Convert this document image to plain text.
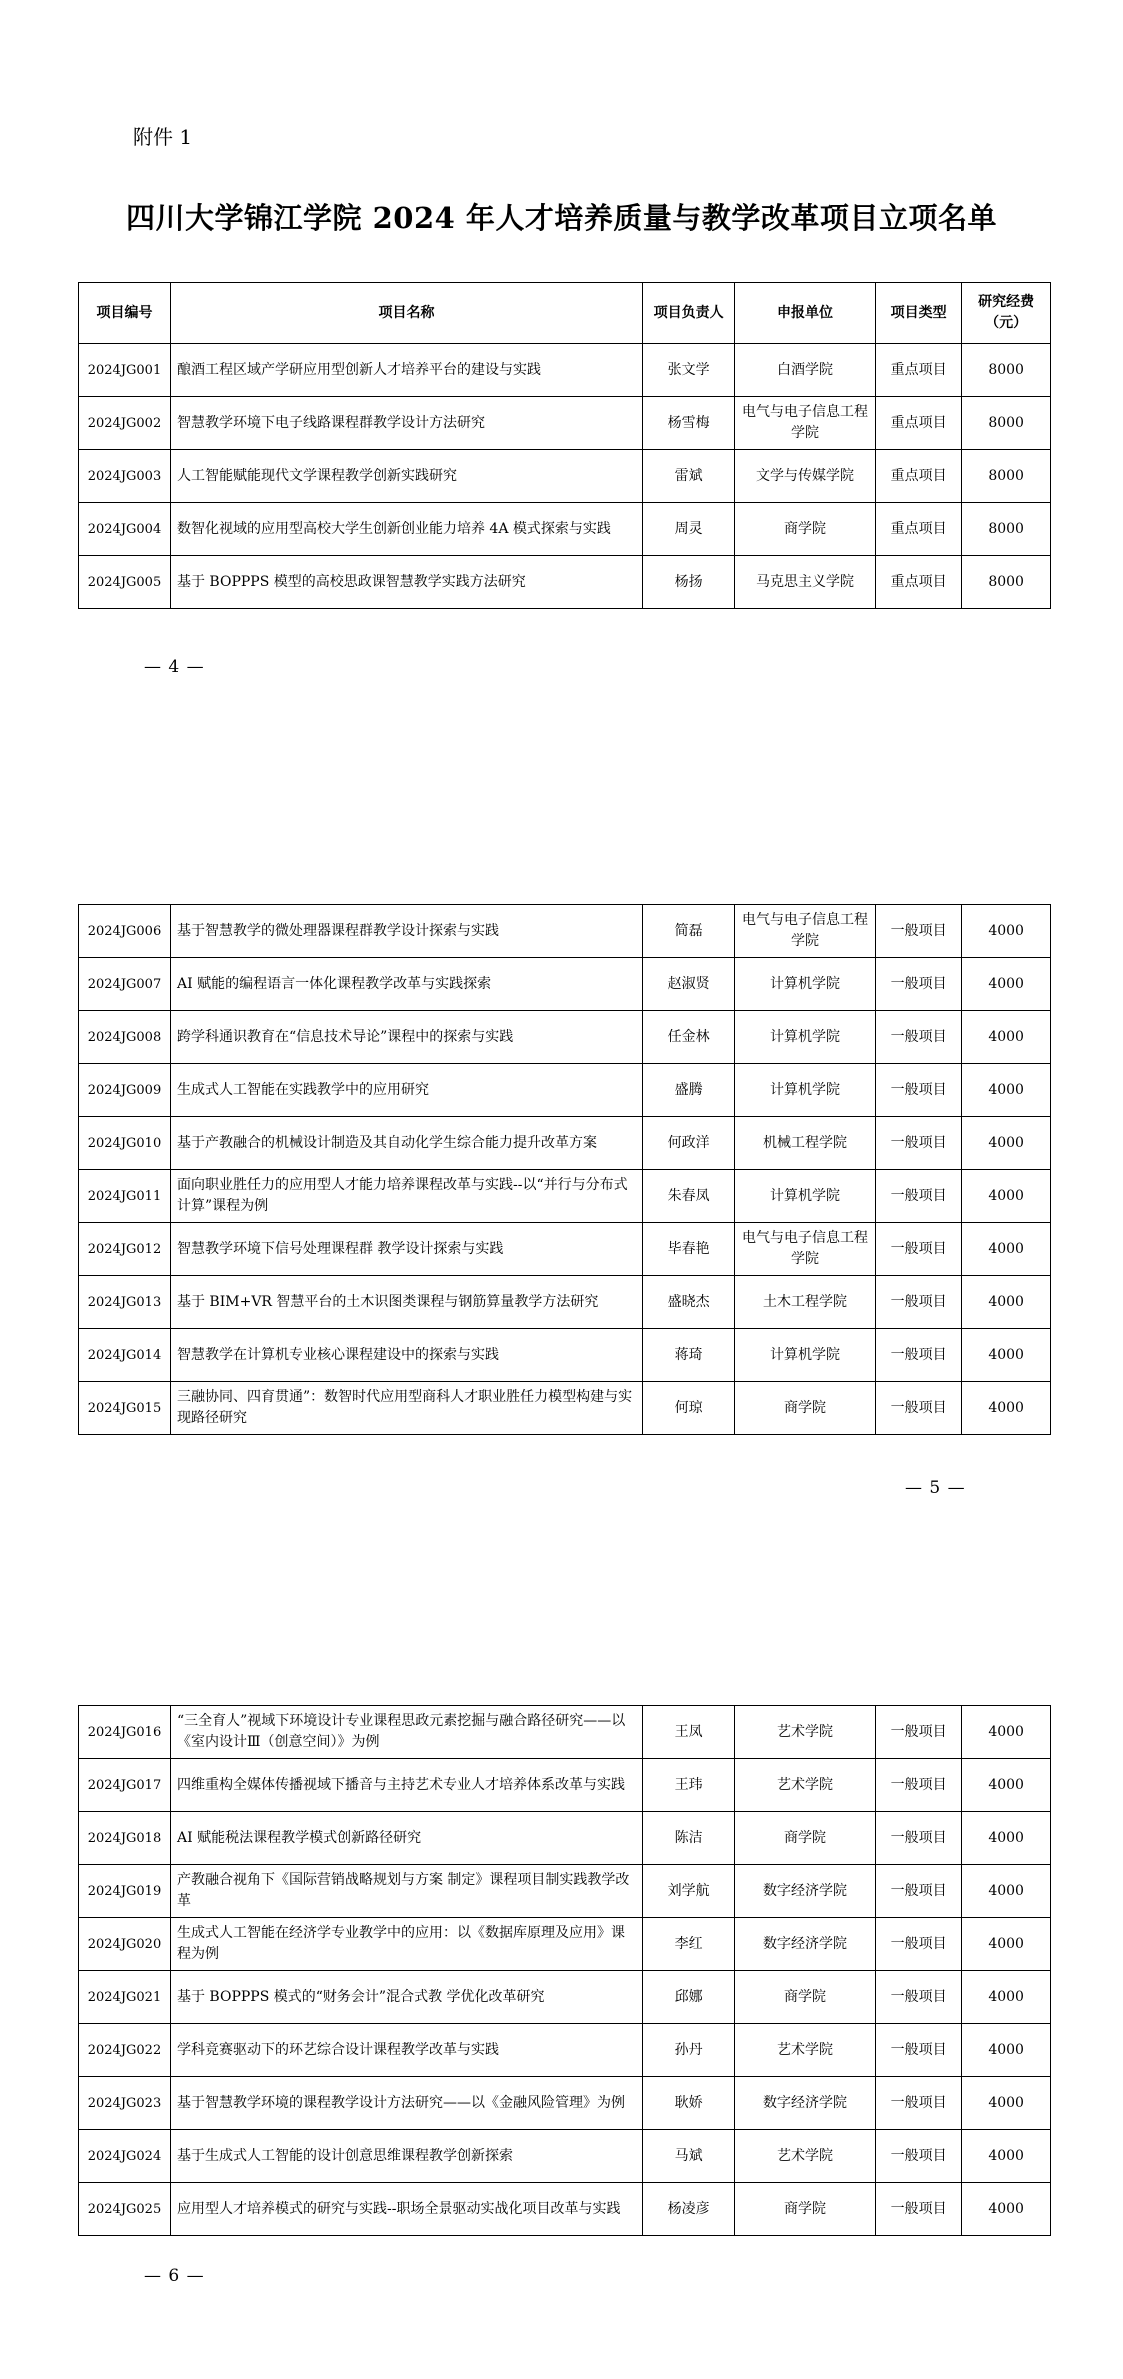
附件 1
四川大学锦江学院 2024 年人才培养质量与教学改革项目立项名单
项目编号	项目名称	项目负责人	申报单位	项目类型	研究经费（元）
2024JG001	酿酒工程区域产学研应用型创新人才培养平台的建设与实践	张文学	白酒学院	重点项目	8000
2024JG002	智慧教学环境下电子线路课程群教学设计方法研究	杨雪梅	电气与电子信息工程学院	重点项目	8000
2024JG003	人工智能赋能现代文学课程教学创新实践研究	雷斌	文学与传媒学院	重点项目	8000
2024JG004	数智化视域的应用型高校大学生创新创业能力培养 4A 模式探索与实践	周灵	商学院	重点项目	8000
2024JG005	基于 BOPPPS 模型的高校思政课智慧教学实践方法研究	杨扬	马克思主义学院	重点项目	8000
— 4 —
2024JG006	基于智慧教学的微处理器课程群教学设计探索与实践	简磊	电气与电子信息工程学院	一般项目	4000
2024JG007	AI 赋能的编程语言一体化课程教学改革与实践探索	赵淑贤	计算机学院	一般项目	4000
2024JG008	跨学科通识教育在“信息技术导论”课程中的探索与实践	任金林	计算机学院	一般项目	4000
2024JG009	生成式人工智能在实践教学中的应用研究	盛腾	计算机学院	一般项目	4000
2024JG010	基于产教融合的机械设计制造及其自动化学生综合能力提升改革方案	何政洋	机械工程学院	一般项目	4000
2024JG011	面向职业胜任力的应用型人才能力培养课程改革与实践--以“并行与分布式计算”课程为例	朱春凤	计算机学院	一般项目	4000
2024JG012	智慧教学环境下信号处理课程群 教学设计探索与实践	毕春艳	电气与电子信息工程学院	一般项目	4000
2024JG013	基于 BIM+VR 智慧平台的土木识图类课程与钢筋算量教学方法研究	盛晓杰	土木工程学院	一般项目	4000
2024JG014	智慧教学在计算机专业核心课程建设中的探索与实践	蒋琦	计算机学院	一般项目	4000
2024JG015	三融协同、四育贯通”：数智时代应用型商科人才职业胜任力模型构建与实现路径研究	何琼	商学院	一般项目	4000
— 5 —
2024JG016	“三全育人”视域下环境设计专业课程思政元素挖掘与融合路径研究——以《室内设计Ⅲ（创意空间）》为例	王凤	艺术学院	一般项目	4000
2024JG017	四维重构全媒体传播视域下播音与主持艺术专业人才培养体系改革与实践	王玮	艺术学院	一般项目	4000
2024JG018	AI 赋能税法课程教学模式创新路径研究	陈洁	商学院	一般项目	4000
2024JG019	产教融合视角下《国际营销战略规划与方案 制定》课程项目制实践教学改革	刘学航	数字经济学院	一般项目	4000
2024JG020	生成式人工智能在经济学专业教学中的应用：以《数据库原理及应用》课程为例	李红	数字经济学院	一般项目	4000
2024JG021	基于 BOPPPS 模式的“财务会计”混合式教 学优化改革研究	邱娜	商学院	一般项目	4000
2024JG022	学科竞赛驱动下的环艺综合设计课程教学改革与实践	孙丹	艺术学院	一般项目	4000
2024JG023	基于智慧教学环境的课程教学设计方法研究——以《金融风险管理》为例	耿娇	数字经济学院	一般项目	4000
2024JG024	基于生成式人工智能的设计创意思维课程教学创新探索	马斌	艺术学院	一般项目	4000
2024JG025	应用型人才培养模式的研究与实践--职场全景驱动实战化项目改革与实践	杨凌彦	商学院	一般项目	4000
— 6 —
